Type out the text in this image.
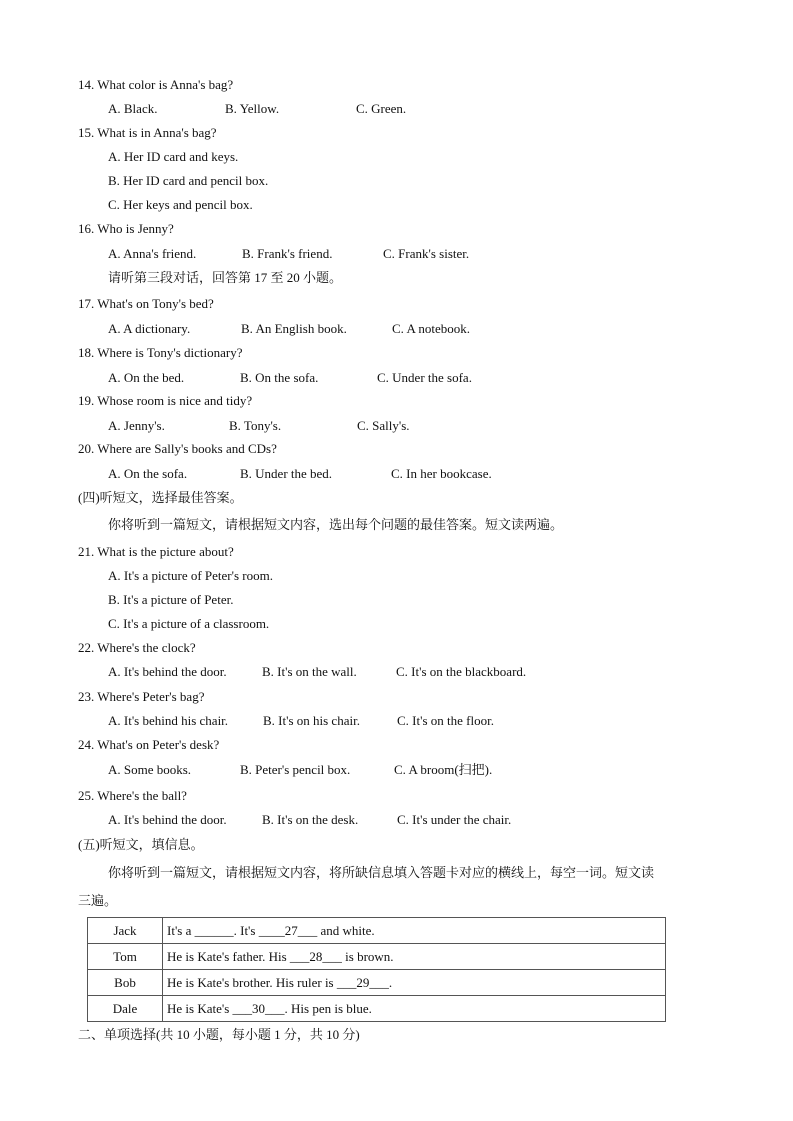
14. What color is Anna's bag?
A. Black.	B. Yellow.	C. Green.
15. What is in Anna's bag?
A. Her ID card and keys.
B. Her ID card and pencil box.
C. Her keys and pencil box.
16. Who is Jenny?
A. Anna's friend.	B. Frank's friend.	C. Frank's sister.
请听第三段对话，回答第 17 至 20 小题。
17. What's on Tony's bed?
A. A dictionary.	B. An English book.	C. A notebook.
18. Where is Tony's dictionary?
A. On the bed.	B. On the sofa.	C. Under the sofa.
19. Whose room is nice and tidy?
A. Jenny's.	B. Tony's.	C. Sally's.
20. Where are Sally's books and CDs?
A. On the sofa.	B. Under the bed.	C. In her bookcase.
(四)听短文，选择最佳答案。
你将听到一篇短文，请根据短文内容，选出每个问题的最佳答案。短文读两遍。
21. What is the picture about?
A. It's a picture of Peter's room.
B. It's a picture of Peter.
C. It's a picture of a classroom.
22. Where's the clock?
A. It's behind the door.	B. It's on the wall.	C. It's on the blackboard.
23. Where's Peter's bag?
A. It's behind his chair.	B. It's on his chair.	C. It's on the floor.
24. What's on Peter's desk?
A. Some books.	B. Peter's pencil box.	C. A broom(扫把).
25. Where's the ball?
A. It's behind the door.	B. It's on the desk.	C. It's under the chair.
(五)听短文，填信息。
你将听到一篇短文，请根据短文内容，将所缺信息填入答题卡对应的横线上，每空一词。短文读
三遍。
Jack	It's a ______. It's ____27___ and white.
Tom	He is Kate's father. His ___28___ is brown.
Bob	He is Kate's brother. His ruler is ___29___.
Dale	He is Kate's ___30___. His pen is blue.
二、单项选择(共 10 小题，每小题 1 分，共 10 分)
